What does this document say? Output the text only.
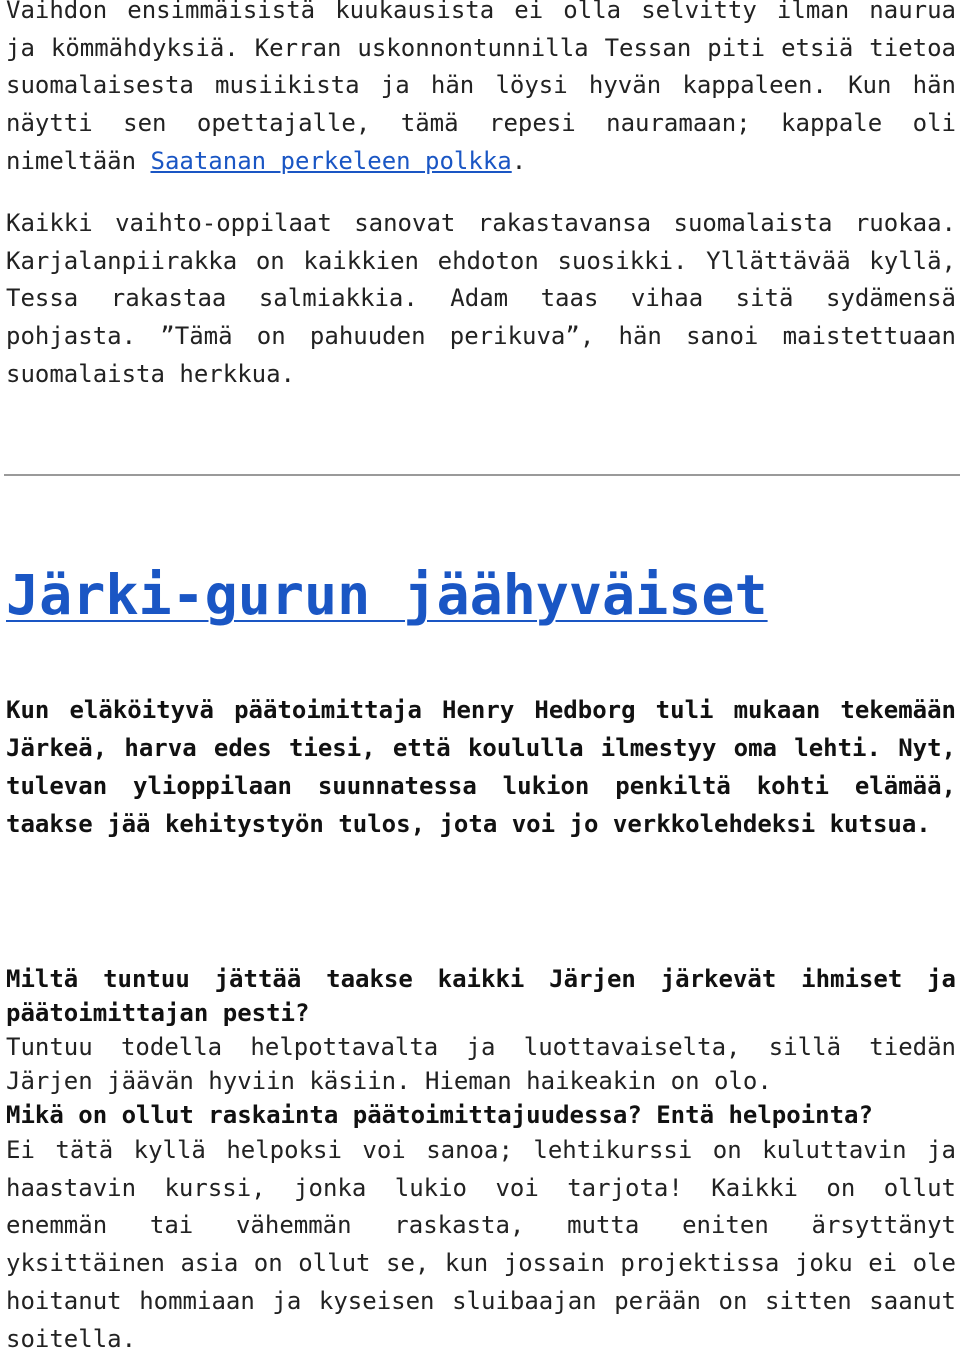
Vaihdon ensimmäisistä kuukausista ei olla selvitty ilman naurua ja kömmähdyksiä. Kerran uskonnontunnilla Tessan piti etsiä tietoa suomalaisesta musiikista ja hän löysi hyvän kappaleen. Kun hän näytti sen opettajalle, tämä repesi nauramaan; kappale oli nimeltään Saatanan perkeleen polkka.

Kaikki vaihto-oppilaat sanovat rakastavansa suomalaista ruokaa. Karjalanpiirakka on kaikkien ehdoton suosikki. Yllättävää kyllä, Tessa rakastaa salmiakkia. Adam taas vihaa sitä sydämensä pohjasta. ”Tämä on pahuuden perikuva”, hän sanoi maistettuaan suomalaista herkkua.

Järki-gurun jäähyväiset

Kun eläköityvä päätoimittaja Henry Hedborg tuli mukaan tekemään Järkeä, harva edes tiesi, että koululla ilmestyy oma lehti. Nyt, tulevan ylioppilaan suunnatessa lukion penkiltä kohti elämää, taakse jää kehitystyön tulos, jota voi jo verkkolehdeksi kutsua.

Miltä tuntuu jättää taakse kaikki Järjen järkevät ihmiset ja päätoimittajan pesti?

Tuntuu todella helpottavalta ja luottavaiselta, sillä tiedän Järjen jäävän hyviin käsiin. Hieman haikeakin on olo.

Mikä on ollut raskainta päätoimittajuudessa? Entä helpointa?

Ei tätä kyllä helpoksi voi sanoa; lehtikurssi on kuluttavin ja haastavin kurssi, jonka lukio voi tarjota! Kaikki on ollut enemmän tai vähemmän raskasta, mutta eniten ärsyttänyt yksittäinen asia on ollut se, kun jossain projektissa joku ei ole hoitanut hommiaan ja kyseisen sluibaajan perään on sitten saanut soitella.
